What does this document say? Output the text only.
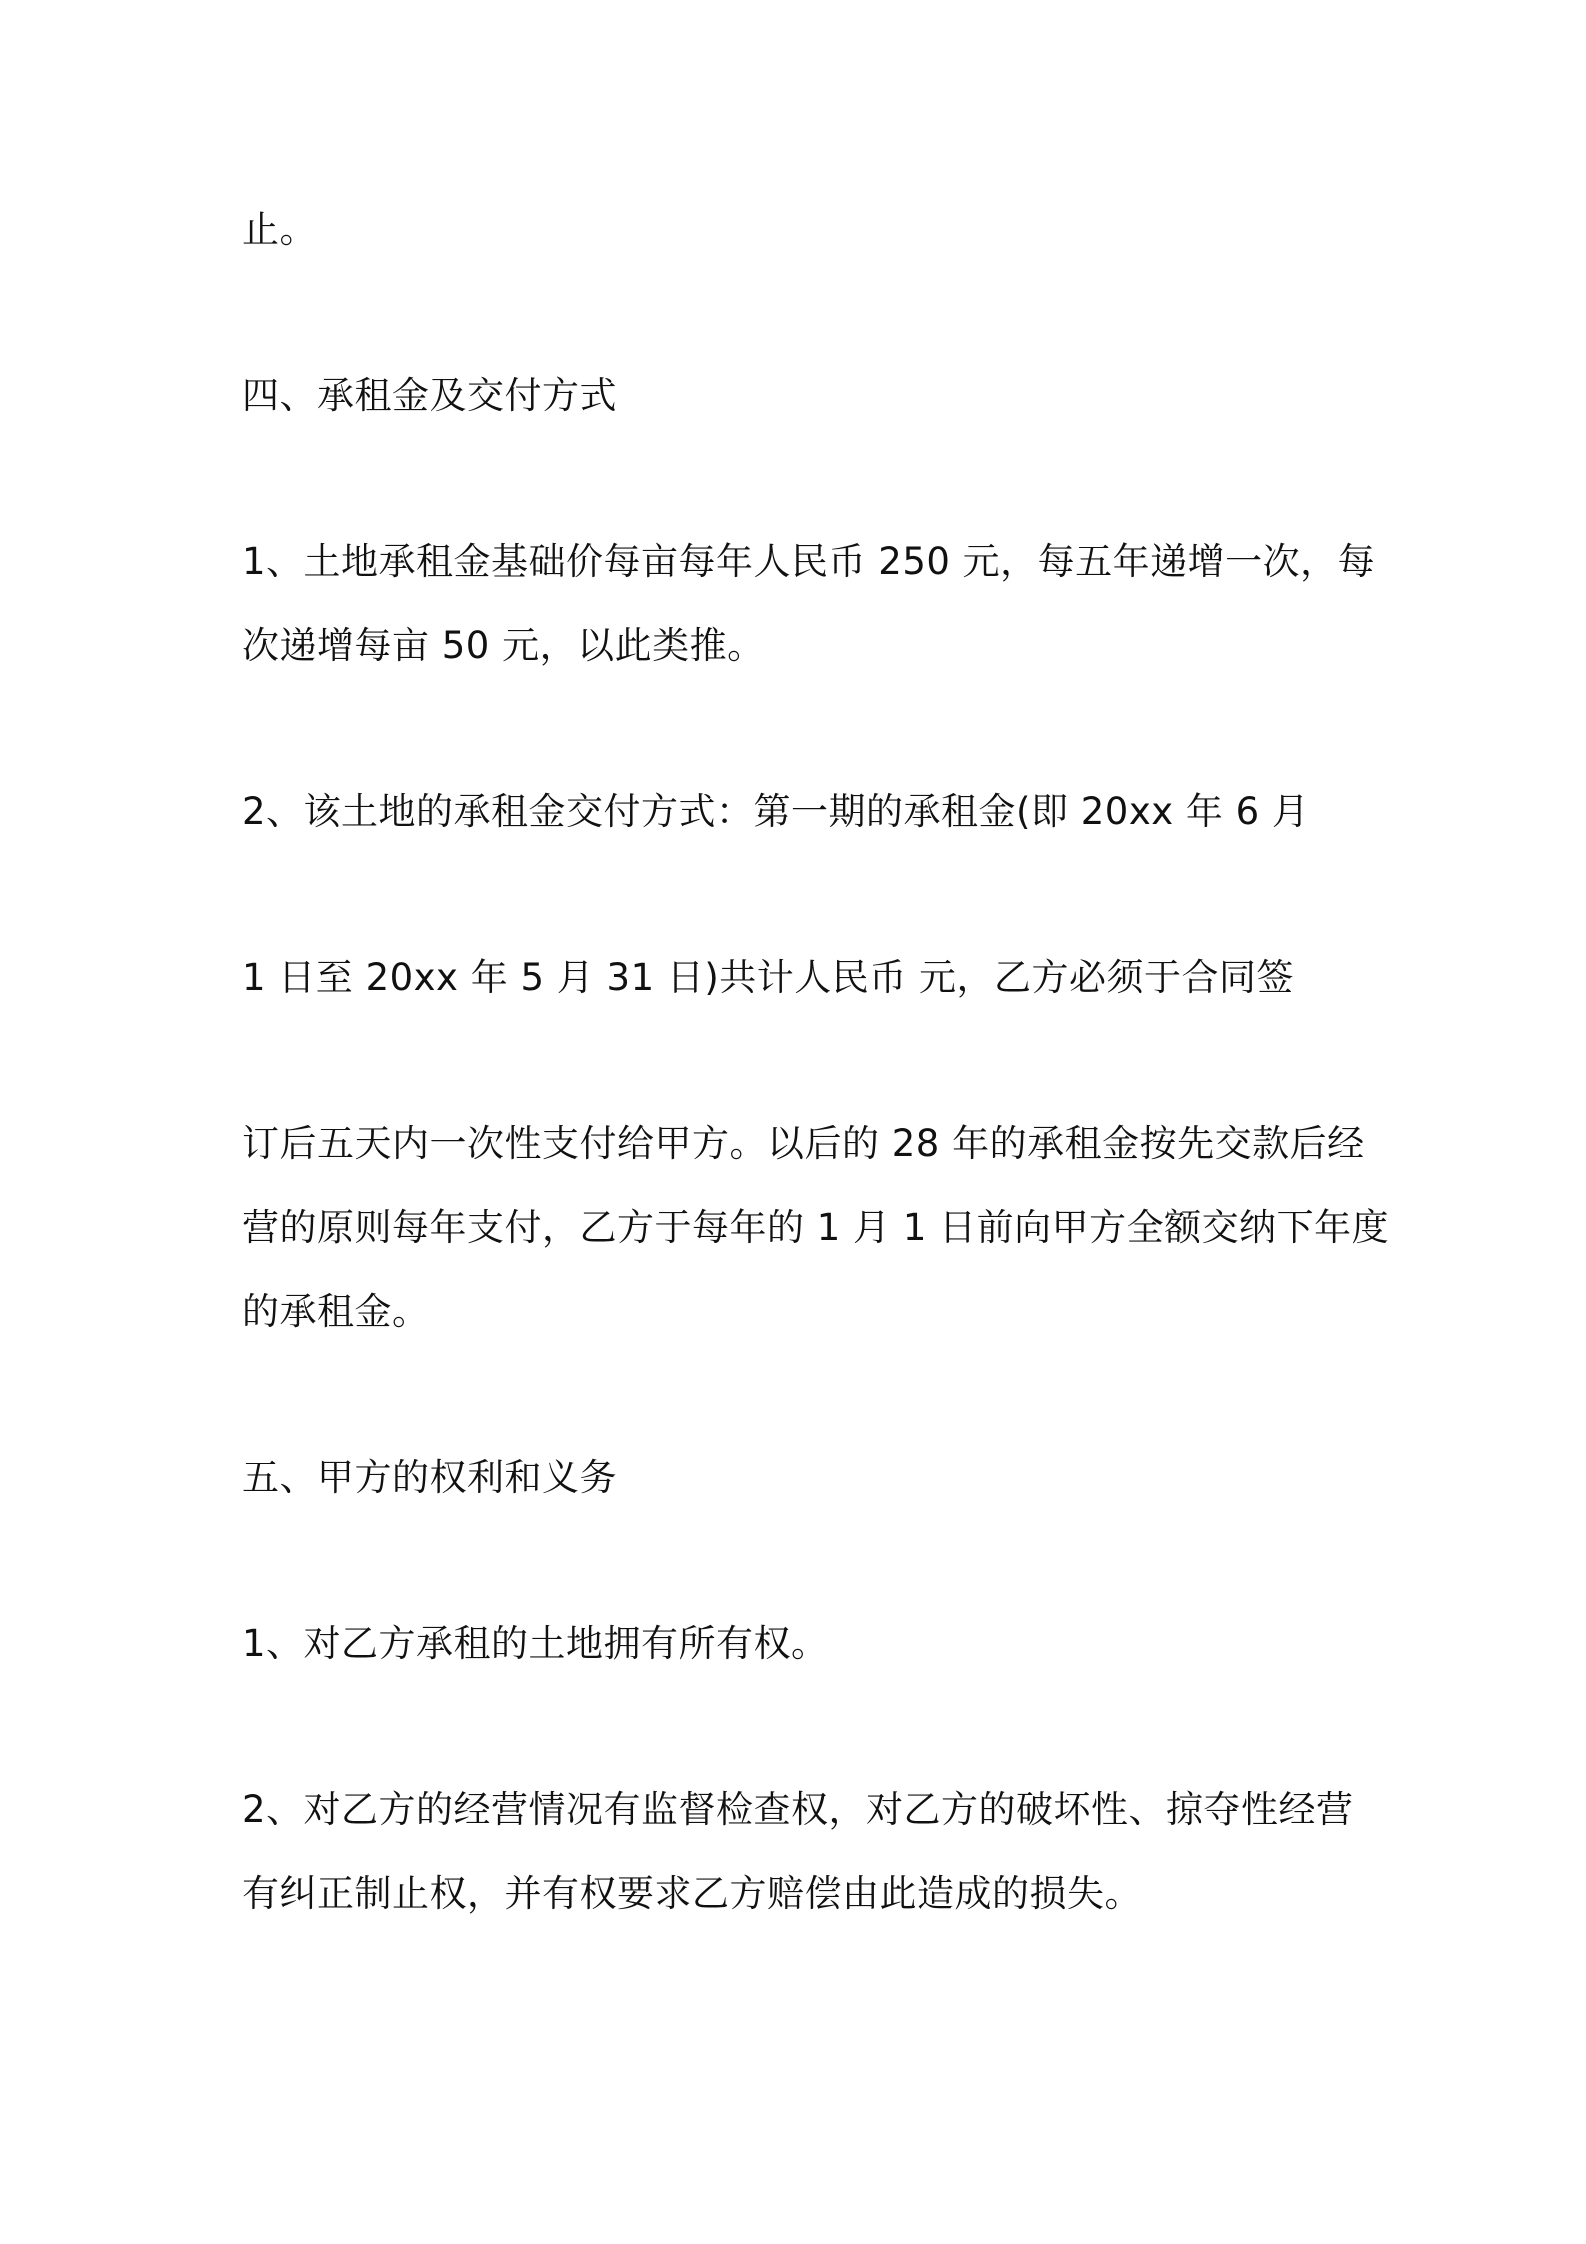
止。
四、承租金及交付方式
1、土地承租金基础价每亩每年人民币 250 元，每五年递增一次，每
次递增每亩 50 元，以此类推。
2、该土地的承租金交付方式：第一期的承租金(即 20xx 年 6 月
1 日至 20xx 年 5 月 31 日)共计人民币 元，乙方必须于合同签
订后五天内一次性支付给甲方。以后的 28 年的承租金按先交款后经
营的原则每年支付，乙方于每年的 1 月 1 日前向甲方全额交纳下年度
的承租金。
五、甲方的权利和义务
1、对乙方承租的土地拥有所有权。
2、对乙方的经营情况有监督检查权，对乙方的破坏性、掠夺性经营
有纠正制止权，并有权要求乙方赔偿由此造成的损失。
